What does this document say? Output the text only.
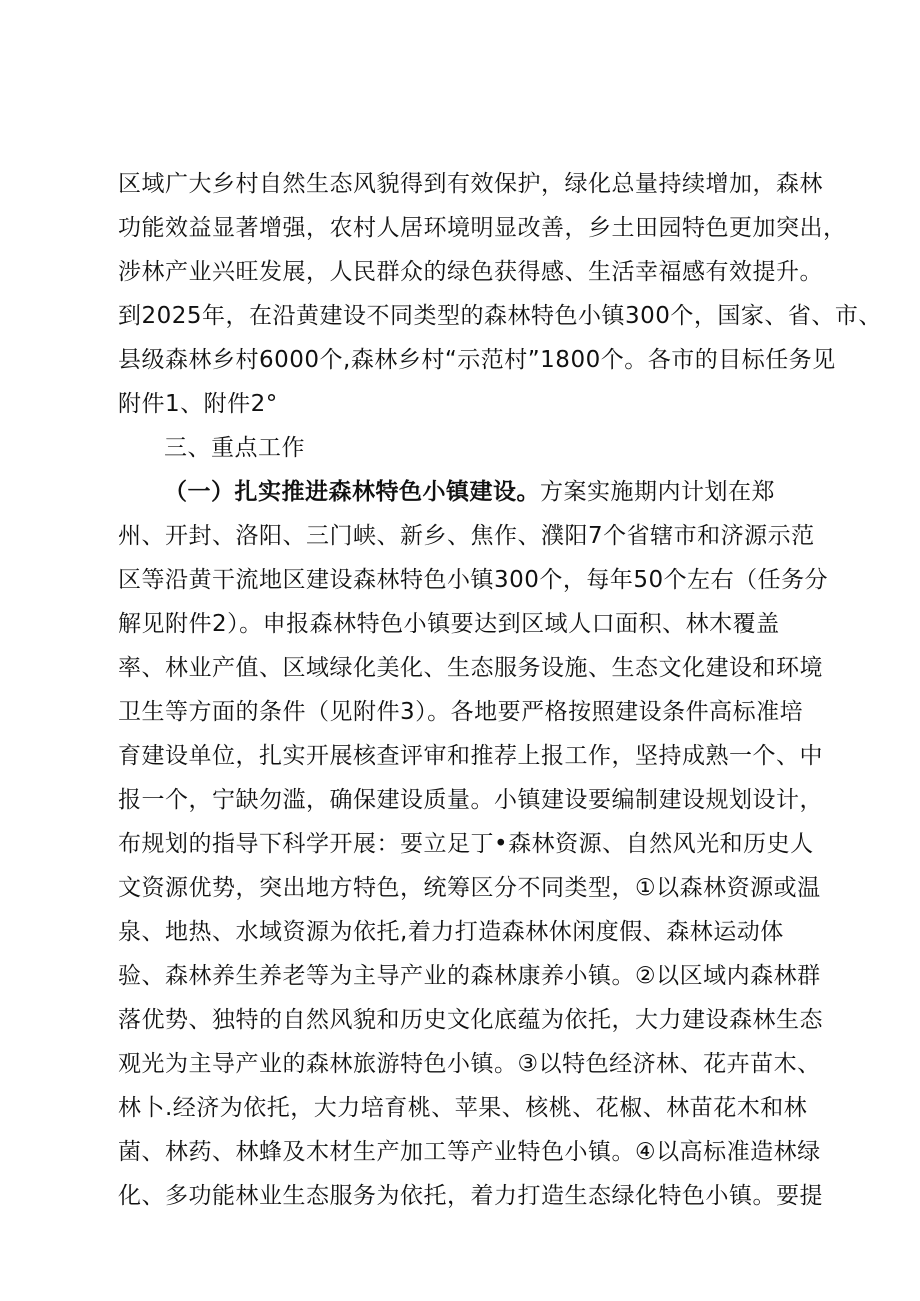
区域广大乡村自然生态风貌得到有效保护，绿化总量持续增加，森林
功能效益显著增强，农村人居环境明显改善，乡土田园特色更加突出，
涉林产业兴旺发展，人民群众的绿色获得感、生活幸福感有效提升。
到2025年，在沿黄建设不同类型的森林特色小镇300个，国家、省、市、
县级森林乡村6000个,森林乡村“示范村”1800个。各市的目标任务见
附件1、附件2°
三、重点工作
（一）扎实推进森林特色小镇建设。方案实施期内计划在郑
州、开封、洛阳、三门峡、新乡、焦作、濮阳7个省辖市和济源示范
区等沿黄干流地区建设森林特色小镇300个，每年50个左右（任务分
解见附件2）。申报森林特色小镇要达到区域人口面积、林木覆盖
率、林业产值、区域绿化美化、生态服务设施、生态文化建设和环境
卫生等方面的条件（见附件3）。各地要严格按照建设条件高标准培
育建设单位，扎实开展核查评审和推荐上报工作，坚持成熟一个、中
报一个，宁缺勿滥，确保建设质量。小镇建设要编制建设规划设计，
布规划的指导下科学开展：要立足丁•森林资源、自然风光和历史人
文资源优势，突出地方特色，统筹区分不同类型，①以森林资源或温
泉、地热、水域资源为依托,着力打造森林休闲度假、森林运动体
验、森林养生养老等为主导产业的森林康养小镇。②以区域内森林群
落优势、独特的自然风貌和历史文化底蕴为依托，大力建设森林生态
观光为主导产业的森林旅游特色小镇。③以特色经济林、花卉苗木、
林卜.经济为依托，大力培育桃、苹果、核桃、花椒、林苗花木和林
菌、林药、林蜂及木材生产加工等产业特色小镇。④以高标准造林绿
化、多功能林业生态服务为依托，着力打造生态绿化特色小镇。要提
